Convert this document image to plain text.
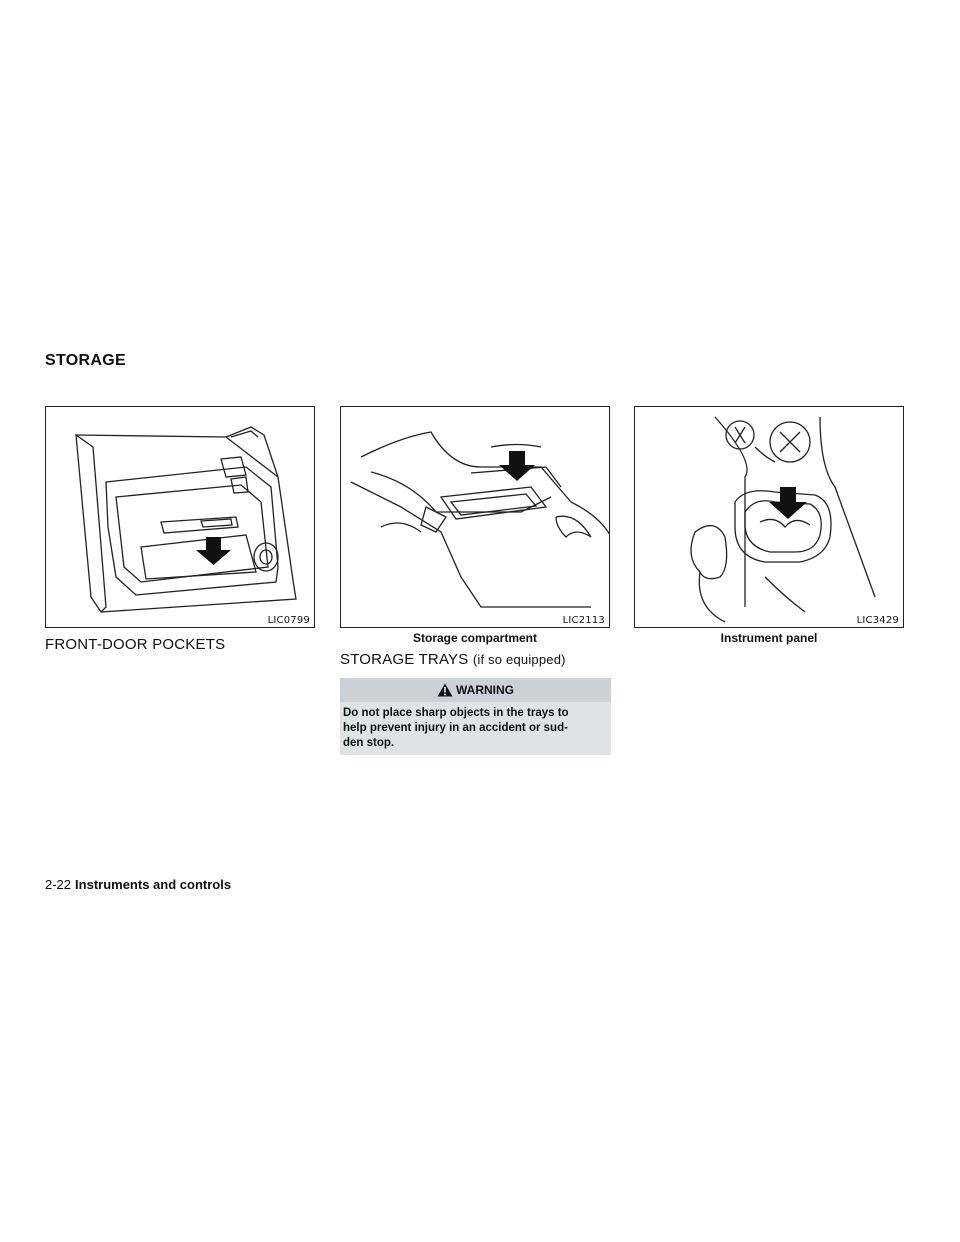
STORAGE
LIC0799	LIC2113	LIC3429
Storage compartment	Instrument panel
FRONT-DOOR POCKETS
STORAGE TRAYS (if so equipped)
WARNING
Do not place sharp objects in the trays to
help prevent injury in an accident or sud-
den stop.
2-22 Instruments and controls
